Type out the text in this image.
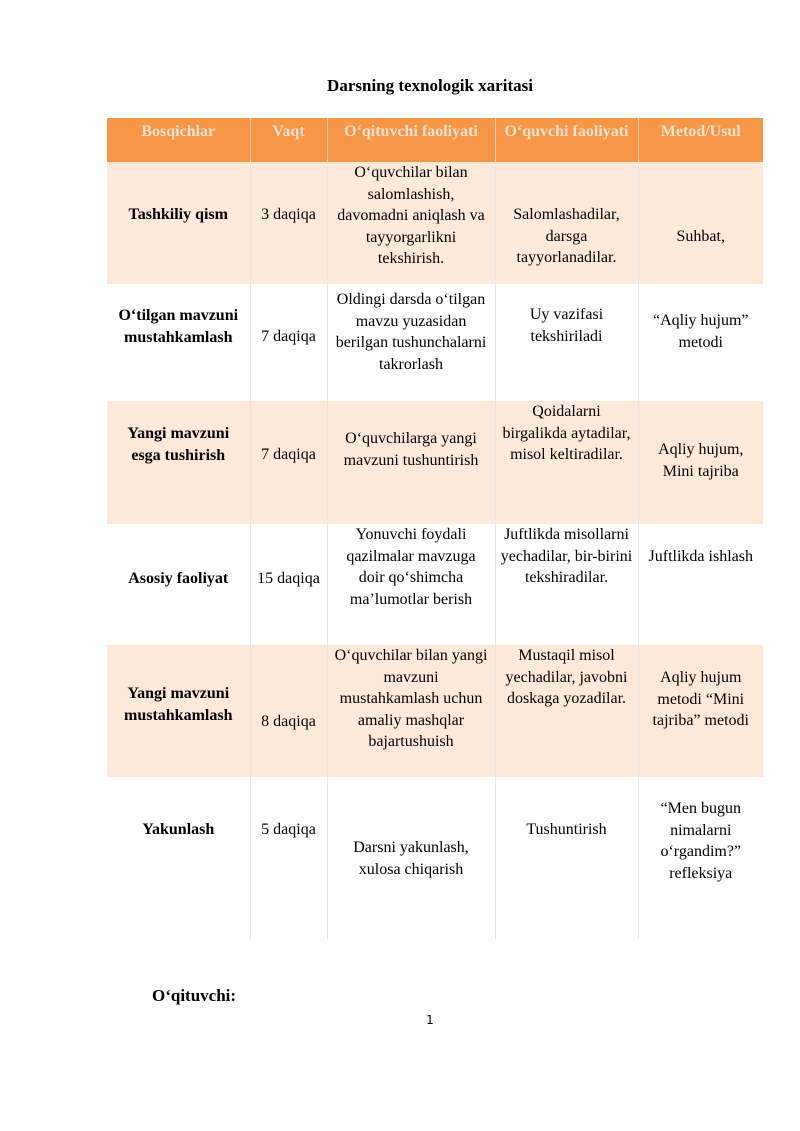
Darsning texnologik xaritasi
Bosqichlar	Vaqt	O‘qituvchi faoliyati	O‘quvchi faoliyati	Metod/Usul

Tashkiliy qism	3 daqiqa	O‘quvchilar bilan salomlashish, davomadni aniqlash va tayyorgarlikni tekshirish.	Salomlashadilar, darsga tayyorlanadilar.	Suhbat,

O‘tilgan mavzuni mustahkamlash	7 daqiqa	Oldingi darsda o‘tilgan mavzu yuzasidan berilgan tushunchalarni takrorlash	Uy vazifasi tekshiriladi	“Aqliy hujum” metodi

Yangi mavzuni esga tushirish	7 daqiqa	O‘quvchilarga yangi mavzuni tushuntirish	Qoidalarni birgalikda aytadilar, misol keltiradilar.	Aqliy hujum, Mini tajriba

Asosiy faoliyat	15 daqiqa	Yonuvchi foydali qazilmalar mavzuga doir qo‘shimcha ma’lumotlar berish	Juftlikda misollarni yechadilar, bir-birini tekshiradilar.	Juftlikda ishlash

Yangi mavzuni mustahkamlash	8 daqiqa	O‘quvchilar bilan yangi mavzuni mustahkamlash uchun amaliy mashqlar bajartushuish	Mustaqil misol yechadilar, javobni doskaga yozadilar.	Aqliy hujum metodi “Mini tajriba” metodi

Yakunlash	5 daqiqa	Darsni yakunlash, xulosa chiqarish	Tushuntirish	“Men bugun nimalarni o‘rgandim?” refleksiya
O‘qituvchi:
1
